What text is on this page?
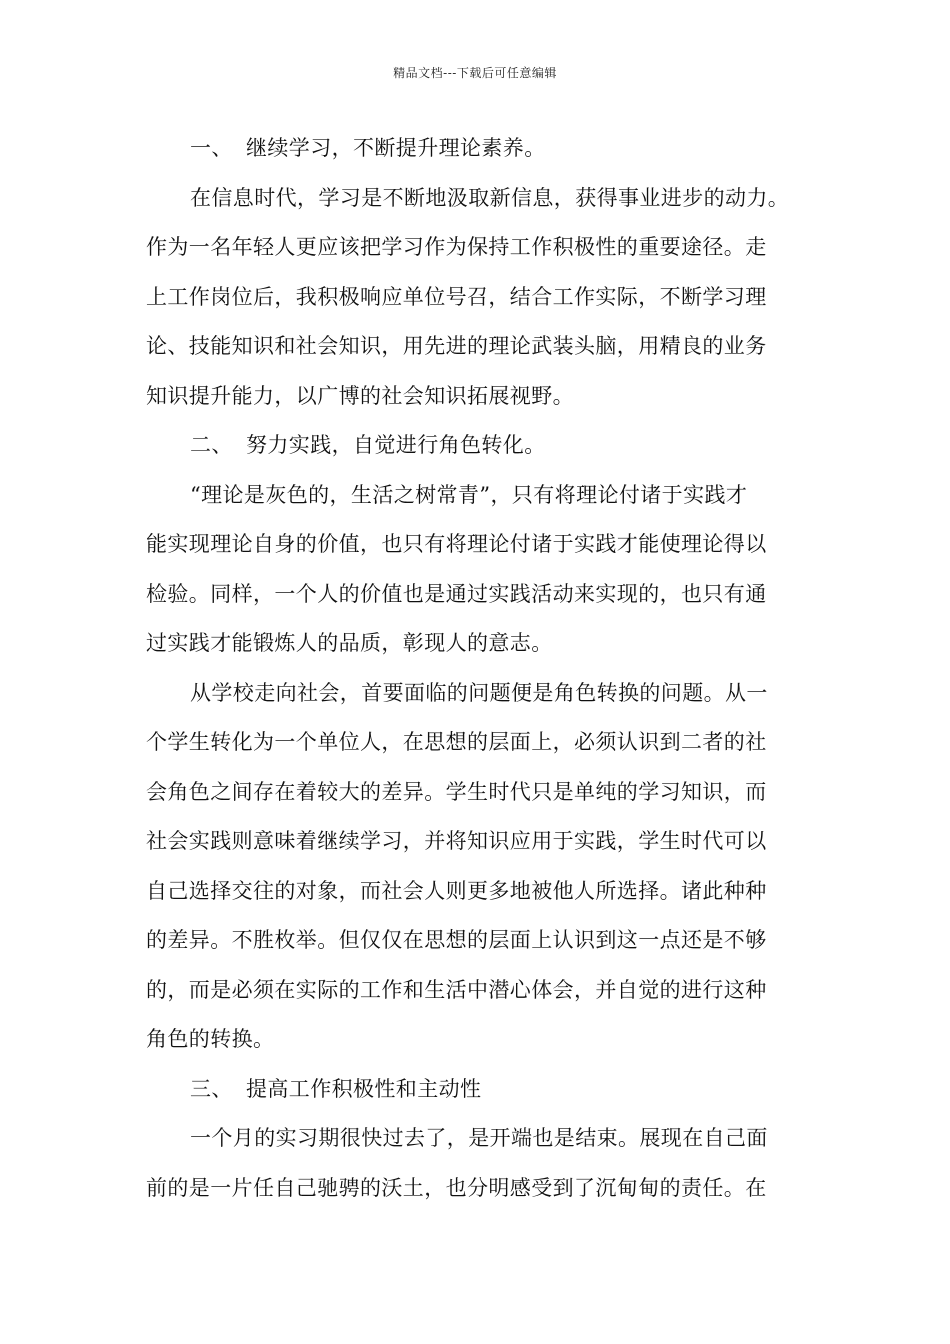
精品文档---下载后可任意编辑
一、 继续学习，不断提升理论素养。
在信息时代，学习是不断地汲取新信息，获得事业进步的动力。
作为一名年轻人更应该把学习作为保持工作积极性的重要途径。走
上工作岗位后，我积极响应单位号召，结合工作实际，不断学习理
论、技能知识和社会知识，用先进的理论武装头脑，用精良的业务
知识提升能力，以广博的社会知识拓展视野。
二、 努力实践，自觉进行角色转化。
“理论是灰色的，生活之树常青”，只有将理论付诸于实践才
能实现理论自身的价值，也只有将理论付诸于实践才能使理论得以
检验。同样，一个人的价值也是通过实践活动来实现的，也只有通
过实践才能锻炼人的品质，彰现人的意志。
从学校走向社会，首要面临的问题便是角色转换的问题。从一
个学生转化为一个单位人，在思想的层面上，必须认识到二者的社
会角色之间存在着较大的差异。学生时代只是单纯的学习知识，而
社会实践则意味着继续学习，并将知识应用于实践，学生时代可以
自己选择交往的对象，而社会人则更多地被他人所选择。诸此种种
的差异。不胜枚举。但仅仅在思想的层面上认识到这一点还是不够
的，而是必须在实际的工作和生活中潜心体会，并自觉的进行这种
角色的转换。
三、 提高工作积极性和主动性
一个月的实习期很快过去了，是开端也是结束。展现在自己面
前的是一片任自己驰骋的沃土，也分明感受到了沉甸甸的责任。在
